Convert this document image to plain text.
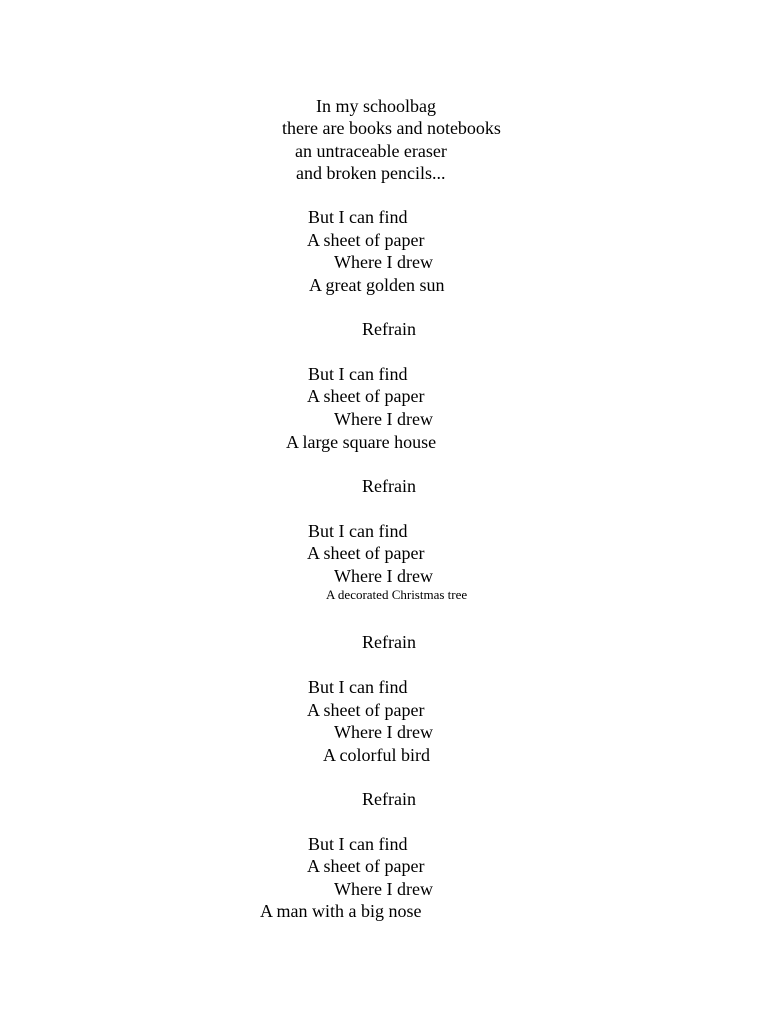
In my schoolbag
there are books and notebooks
an untraceable eraser
and broken pencils...
But I can find
A sheet of paper
Where I drew
A great golden sun
Refrain
But I can find
A sheet of paper
Where I drew
A large square house
Refrain
But I can find
A sheet of paper
Where I drew
A decorated Christmas tree
Refrain
But I can find
A sheet of paper
Where I drew
A colorful bird
Refrain
But I can find
A sheet of paper
Where I drew
A man with a big nose
